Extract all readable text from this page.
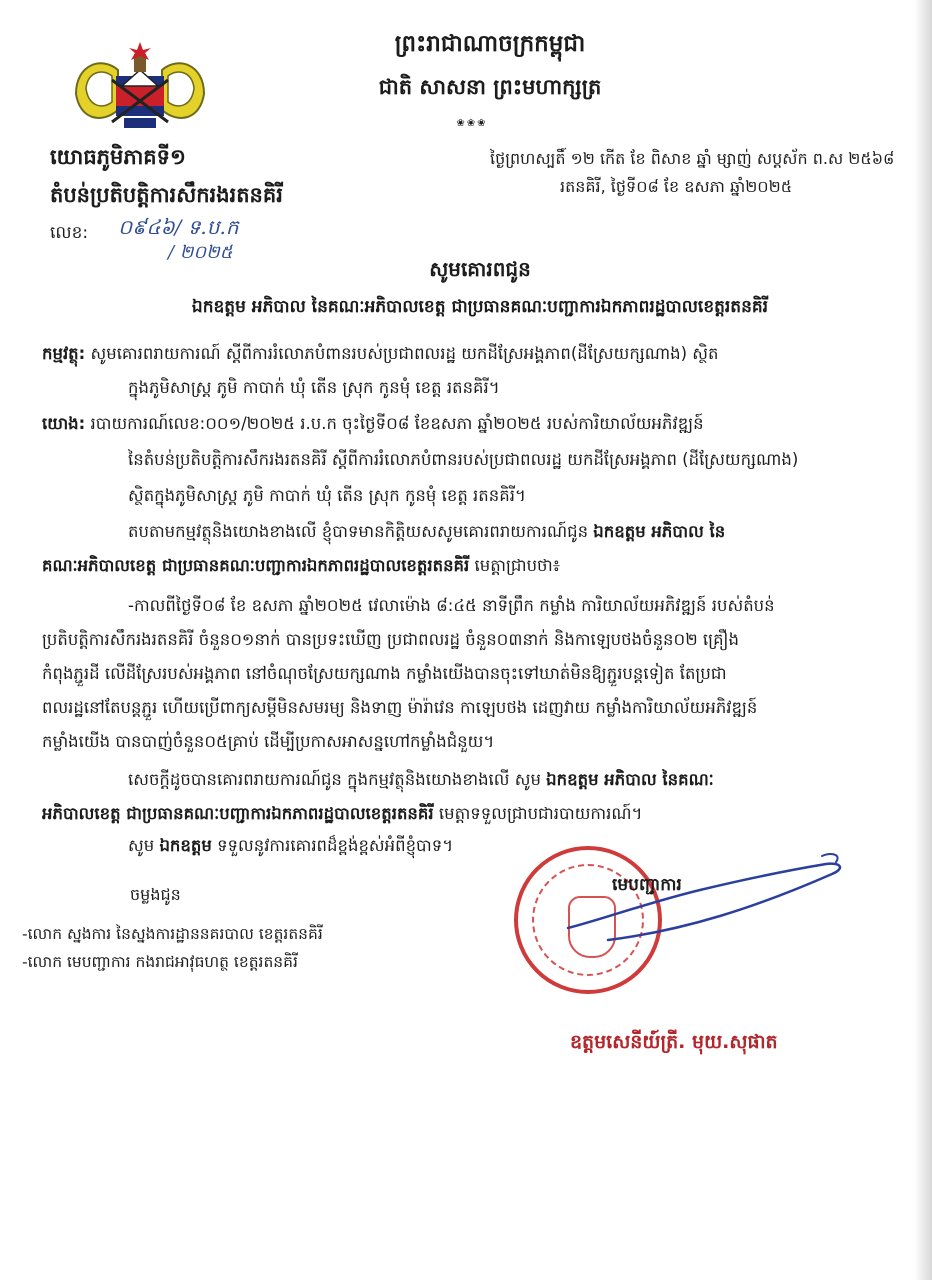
ព្រះរាជាណាចក្រកម្ពុជា
ជាតិ សាសនា ព្រះមហាក្សត្រ
❀❀❀
យោធភូមិភាគទី១
តំបន់ប្រតិបត្តិការសឹករងរតនគិរី
លេខ: ០៩៤៦/ ទ.ប.ក
/ ២០២៥
ថ្ងៃព្រហស្បតិ៍ ១២ កើត ខែ ពិសាខ ឆ្នាំ ម្សាញ់ សប្តស័ក ព.ស ២៥៦៨
រតនគិរី, ថ្ងៃទី០៨ ខែ ឧសភា ឆ្នាំ២០២៥
សូមគោរពជូន
ឯកឧត្តម អភិបាល នៃគណៈអភិបាលខេត្ត ជាប្រធានគណៈបញ្ជាការឯកភាពរដ្ឋបាលខេត្តរតនគិរី
កម្មវត្ថុ: សូមគោរពរាយការណ៍ ស្តីពីការរំលោភបំពានរបស់ប្រជាពលរដ្ឋ យកដីស្រែអង្គភាព(ដីស្រែយក្សណាង) ស្ថិត
ក្នុងភូមិសាស្ត្រ ភូមិ កាបាក់ ឃុំ តើន ស្រុក កូនមុំ ខេត្ត រតនគិរី។
យោង: របាយការណ៍លេខ:០០១/២០២៥ រ.ប.ក ចុះថ្ងៃទី០៨ ខែឧសភា ឆ្នាំ២០២៥ របស់ការិយាល័យអភិវឌ្ឍន៍
នៃតំបន់ប្រតិបត្តិការសឹករងរតនគិរី ស្តីពីការរំលោភបំពានរបស់ប្រជាពលរដ្ឋ យកដីស្រែអង្គភាព (ដីស្រែយក្សណាង)
ស្ថិតក្នុងភូមិសាស្ត្រ ភូមិ កាបាក់ ឃុំ តើន ស្រុក កូនមុំ ខេត្ត រតនគិរី។
តបតាមកម្មវត្ថុនិងយោងខាងលើ ខ្ញុំបាទមានកិត្តិយសសូមគោរពរាយការណ៍ជូន ឯកឧត្តម អភិបាល នៃ
គណៈអភិបាលខេត្ត ជាប្រធានគណៈបញ្ជាការឯកភាពរដ្ឋបាលខេត្តរតនគិរី មេត្តាជ្រាបថា៖
-កាលពីថ្ងៃទី០៨ ខែ ឧសភា ឆ្នាំ២០២៥ វេលាម៉ោង ៨:៤៥ នាទីព្រឹក កម្លាំង ការិយាល័យអភិវឌ្ឍន៍ របស់តំបន់
ប្រតិបត្តិការសឹករងរតនគិរី ចំនួន០១នាក់ បានប្រទះឃើញ ប្រជាពលរដ្ឋ ចំនួន០៣នាក់ និងកាឡេបថងចំនួន០២ គ្រឿង
កំពុងភ្ជួរដី លើដីស្រែរបស់អង្គភាព នៅចំណុចស្រែយក្សណាង កម្លាំងយើងបានចុះទៅឃាត់មិនឱ្យភ្ជួរបន្តទៀត តែប្រជា
ពលរដ្ឋនៅតែបន្តភ្ជួរ ហើយប្រើពាក្យសម្តីមិនសមរម្យ និងទាញ ម៉ារ៉ាវេន កាឡេបថង ដេញវាយ កម្លាំងការិយាល័យអភិវឌ្ឍន៍
កម្លាំងយើង បានបាញ់ចំនួន០៥គ្រាប់ ដើម្បីប្រកាសអាសន្នហៅកម្លាំងជំនួយ។
សេចក្តីដូចបានគោរពរាយការណ៍ជូន ក្នុងកម្មវត្ថុនិងយោងខាងលើ សូម ឯកឧត្តម អភិបាល នៃគណៈ
អភិបាលខេត្ត ជាប្រធានគណៈបញ្ជាការឯកភាពរដ្ឋបាលខេត្តរតនគិរី មេត្តាទទួលជ្រាបជារបាយការណ៍។
សូម ឯកឧត្តម ទទួលនូវការគោរពដ៏ខ្ពង់ខ្ពស់អំពីខ្ញុំបាទ។
ចម្លងជូន
-លោក ស្នងការ នៃស្នងការដ្ឋាននគរបាល ខេត្តរតនគិរី
-លោក មេបញ្ជាការ កងរាជអាវុធហត្ថ ខេត្តរតនគិរី
មេបញ្ជាការ
ឧត្តមសេនីយ៍ត្រី. មុយ.សុផាត
